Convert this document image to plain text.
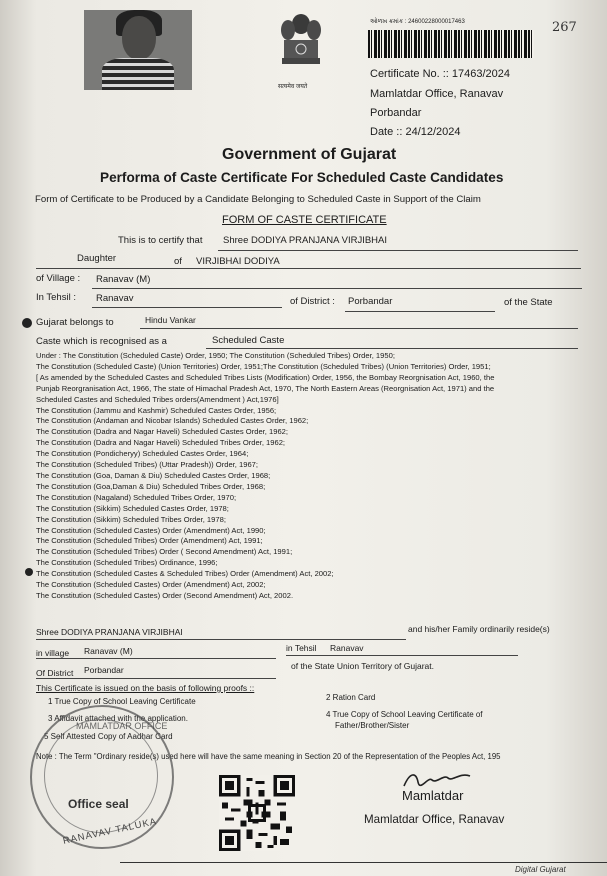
सत्यमेव जयते
ઓળખ ક્રમાંક : 24600228000017463	267
Certificate No. :: 17463/2024
Mamlatdar Office, Ranavav
Porbandar
Date :: 24/12/2024
Government of Gujarat
Performa of Caste Certificate For Scheduled Caste Candidates
Form of Certificate to be Produced by a Candidate Belonging to Scheduled Caste in Support of the Claim
FORM OF CASTE CERTIFICATE
This is to certify that Shree DODIYA PRANJANA VIRJIBHAI
Daughter	of VIRJIBHAI DODIYA
of Village : Ranavav (M)
In Tehsil : Ranavav	of District : Porbandar	of the State
Gujarat belongs to	Hindu Vankar
Caste which is recognised as a	Scheduled Caste
Under : The Constitution (Scheduled Caste) Order, 1950; The Constitution (Scheduled Tribes) Order, 1950;
The Constitution (Scheduled Caste) (Union Territories) Order, 1951;The Constitution (Scheduled Tribes) (Union Territories) Order, 1951;
[ As amended by the Scheduled Castes and Scheduled Tribes Lists (Modification) Order, 1956, the Bombay Reorgnisation Act, 1960, the
Punjab Reorgranisation Act, 1966, The state of Himachal Pradesh Act, 1970, The North Eastern Areas (Reorgnisation Act, 1971) and the
Scheduled Castes and Scheduled Tribes orders(Amendment ) Act,1976]
The Constitution (Jammu and Kashmir) Scheduled Castes Order, 1956;
The Constitution (Andaman and Nicobar Islands) Scheduled Castes Order, 1962;
The Constitution (Dadra and Nagar Haveli) Scheduled Castes Order, 1962;
The Constitution (Dadra and Nagar Haveli) Scheduled Tribes Order, 1962;
The Constitution (Pondicheryy) Scheduled Castes Order, 1964;
The Constitution (Scheduled Tribes) (Uttar Pradesh)) Order, 1967;
The Constitution (Goa, Daman & Diu) Scheduled Castes Order, 1968;
The Constitution (Goa,Daman & Diu) Scheduled Tribes Order, 1968;
The Constitution (Nagaland) Scheduled Tribes Order, 1970;
The Constitution (Sikkim) Scheduled Castes Order, 1978;
The Constitution (Sikkim) Scheduled Tribes Order, 1978;
The Constitution (Scheduled Castes) Order (Amendment) Act, 1990;
The Constitution (Scheduled Tribes) Order (Amendment) Act, 1991;
The Constitution (Scheduled Tribes) Order ( Second Amendment) Act, 1991;
The Constitution (Scheduled Tribes) Ordinance, 1996;
The Constitution (Scheduled Castes & Scheduled Tribes) Order (Amendment) Act, 2002;
The Constitution (Scheduled Castes) Order (Amendment) Act, 2002;
The Constitution (Scheduled Castes) Order (Second Amendment) Act, 2002.
Shree DODIYA PRANJANA VIRJIBHAI	and his/her Family ordinarily reside(s)
in village Ranavav (M)	in Tehsil Ranavav
Of District Porbandar	of the State Union Territory of Gujarat.
This Certificate is issued on the basis of following proofs ::
1 True Copy of School Leaving Certificate	2 Ration Card
3 Affidavit attached with the application.	4 True Copy of School Leaving Certificate of
Father/Brother/Sister
5 Self Attested Copy of Aadhar Card
Note : The Term "Ordinary reside(s) used here will have the same meaning in Section 20 of the Representation of the Peoples Act, 195
MAMLATDAR OFFICE
Office seal
RANAVAV TALUKA
Mamlatdar
Mamlatdar Office, Ranavav
Digital Gujarat
